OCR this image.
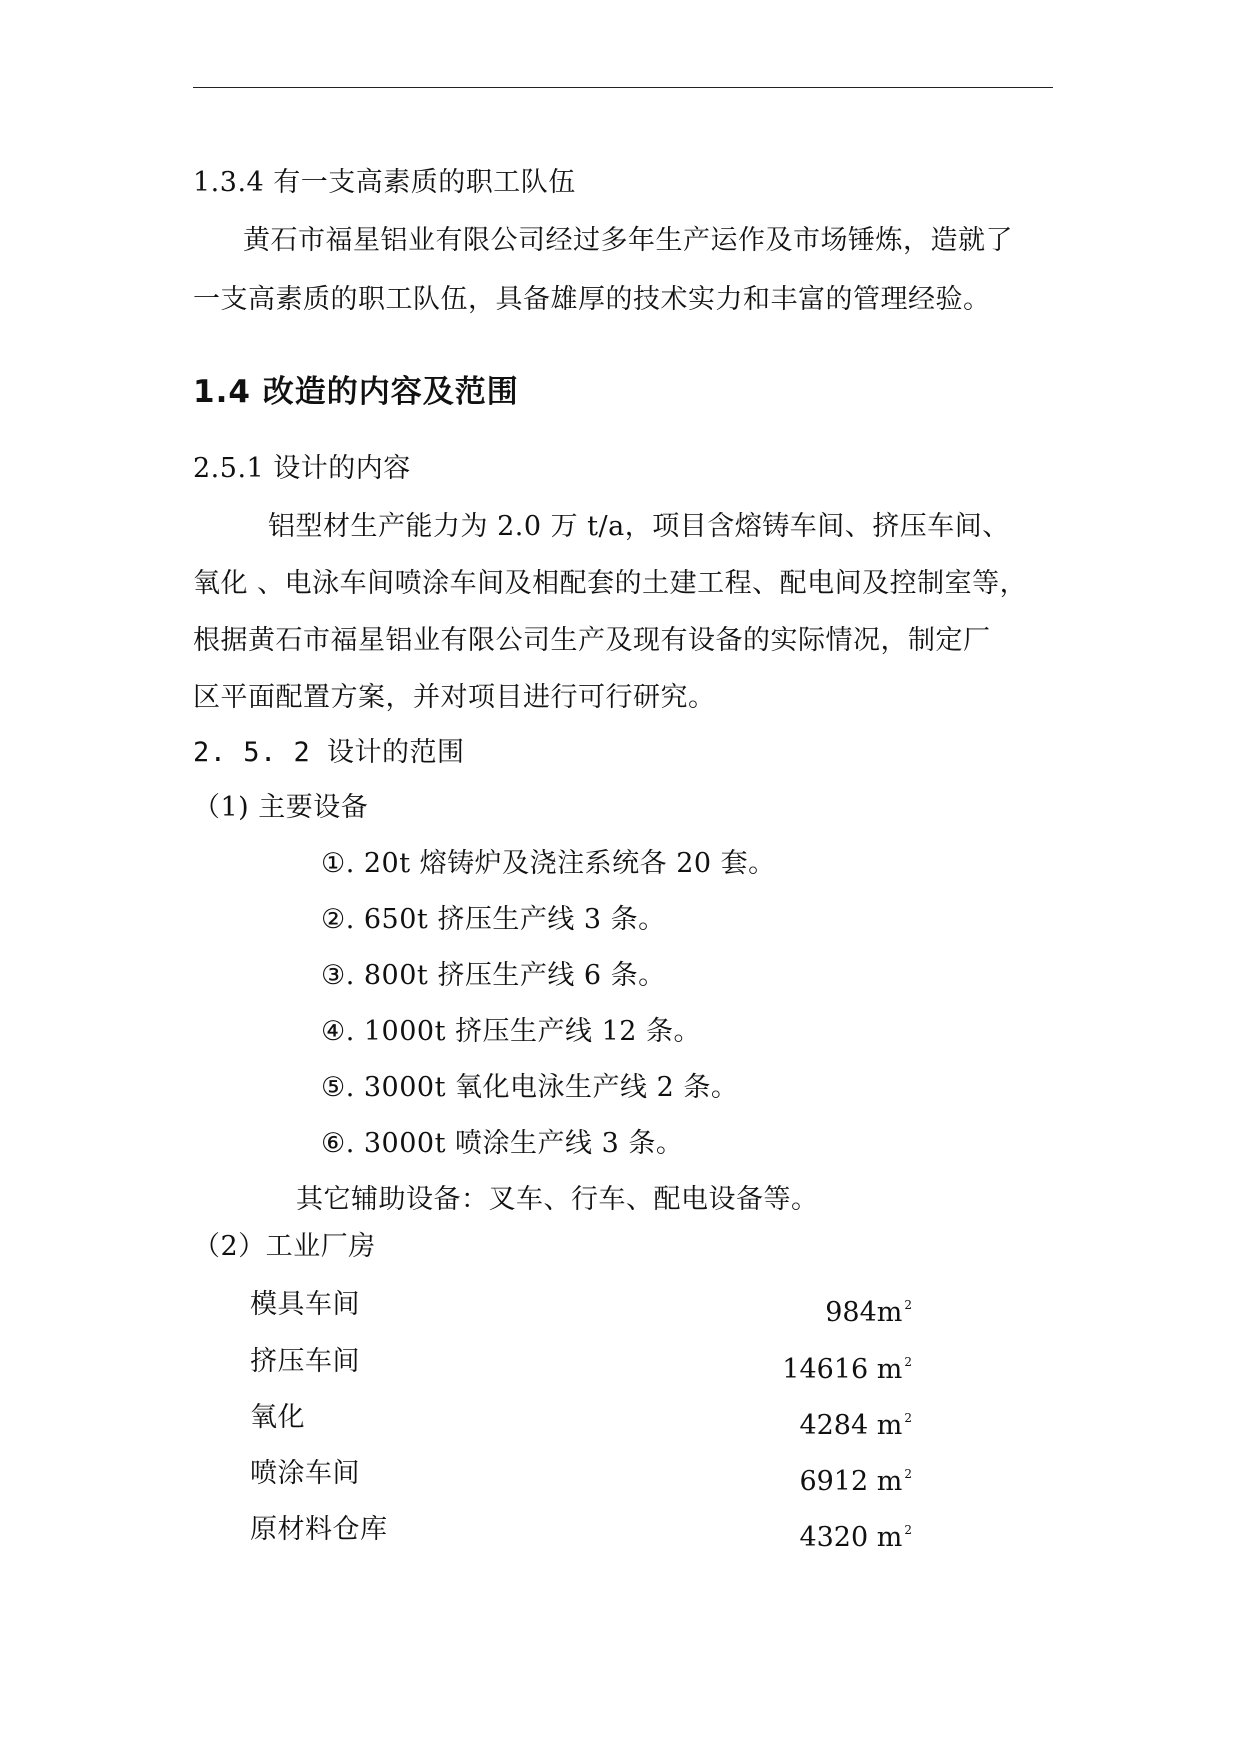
1.3.4 有一支高素质的职工队伍
黄石市福星铝业有限公司经过多年生产运作及市场锤炼，造就了
一支高素质的职工队伍，具备雄厚的技术实力和丰富的管理经验。
1.4 改造的内容及范围
2.5.1 设计的内容
铝型材生产能力为 2.0 万 t/a，项目含熔铸车间、挤压车间、
氧化 、电泳车间喷涂车间及相配套的土建工程、配电间及控制室等，
根据黄石市福星铝业有限公司生产及现有设备的实际情况，制定厂
区平面配置方案，并对项目进行可行研究。
2. 5. 2 设计的范围
（1) 主要设备
①. 20t 熔铸炉及浇注系统各 20 套。
②. 650t 挤压生产线 3 条。
③. 800t 挤压生产线 6 条。
④. 1000t 挤压生产线 12 条。
⑤. 3000t 氧化电泳生产线 2 条。
⑥. 3000t 喷涂生产线 3 条。
其它辅助设备：叉车、行车、配电设备等。
（2）工业厂房
模具车间	984m $^2$
挤压车间	14616 m $^2$
氧化	4284 m $^2$
喷涂车间	6912 m $^2$
原材料仓库	4320 m $^2$
